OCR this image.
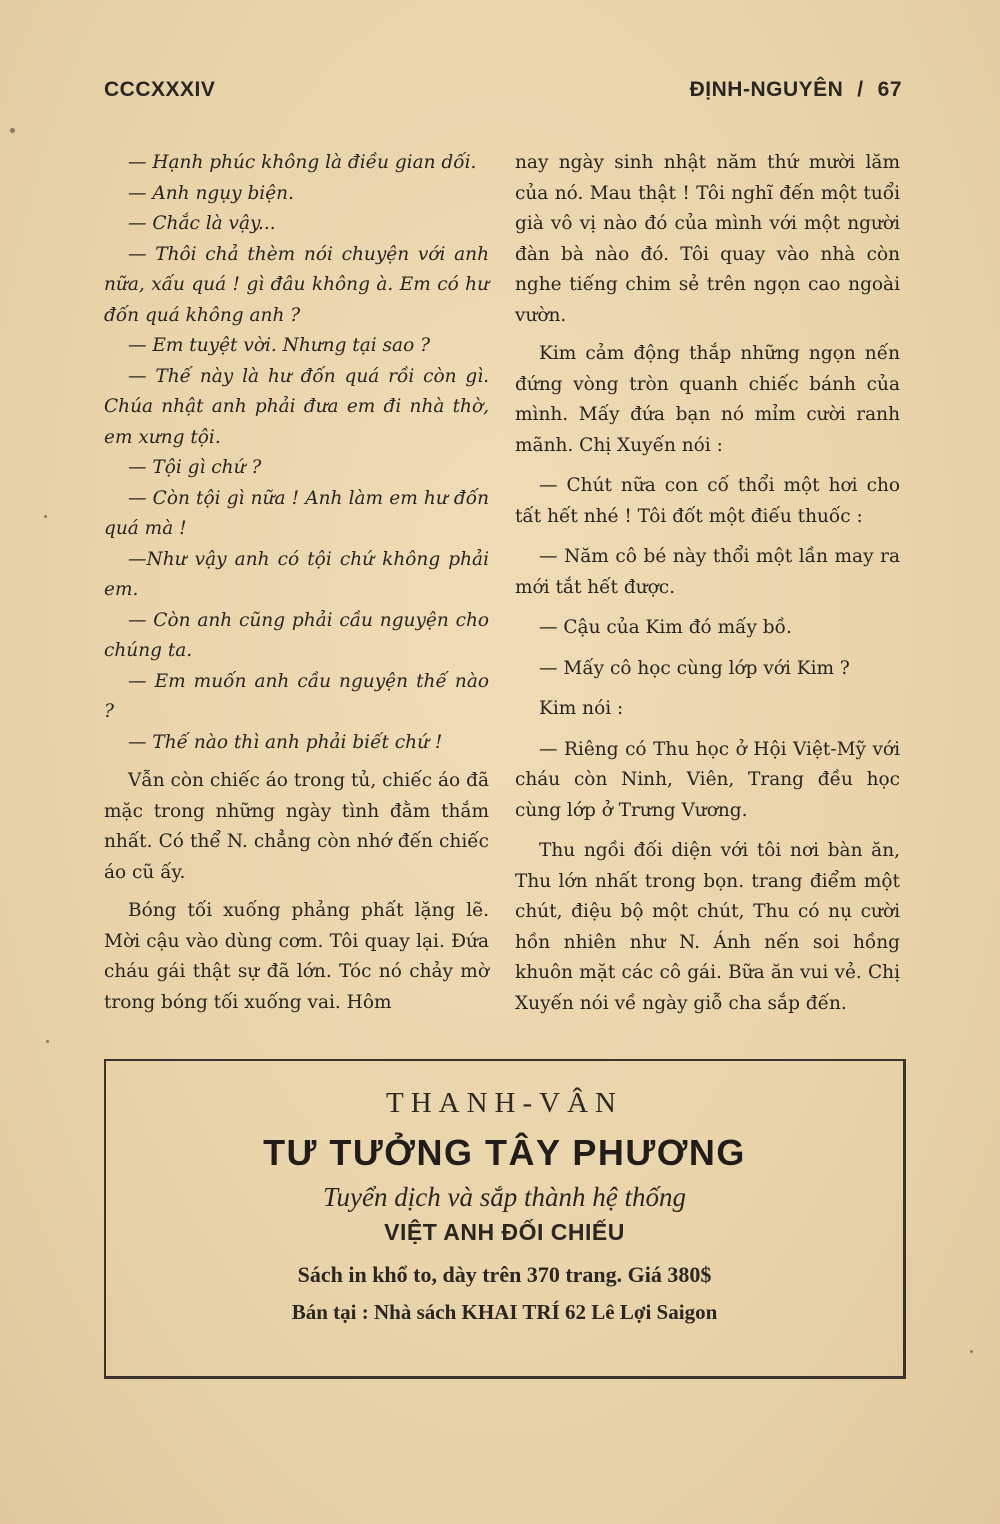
CCCXXXIV	ĐỊNH-NGUYÊN / 67

— Hạnh phúc không là điều gian dối.

— Anh ngụy biện.

— Chắc là vậy...

— Thôi chả thèm nói chuyện với anh nữa, xấu quá ! gì đâu không à. Em có hư đốn quá không anh ?

— Em tuyệt vời. Nhưng tại sao ?

— Thế này là hư đốn quá rồi còn gì. Chúa nhật anh phải đưa em đi nhà thờ, em xưng tội.

— Tội gì chứ ?

— Còn tội gì nữa ! Anh làm em hư đốn quá mà !

—Như vậy anh có tội chứ không phải em.

— Còn anh cũng phải cầu nguyện cho chúng ta.

— Em muốn anh cầu nguyện thế nào ?

— Thế nào thì anh phải biết chứ !

Vẫn còn chiếc áo trong tủ, chiếc áo đã mặc trong những ngày tình đằm thắm nhất. Có thể N. chẳng còn nhớ đến chiếc áo cũ ấy.

Bóng tối xuống phảng phất lặng lẽ. Mời cậu vào dùng cơm. Tôi quay lại. Đứa cháu gái thật sự đã lớn. Tóc nó chảy mờ trong bóng tối xuống vai. Hôm

nay ngày sinh nhật năm thứ mười lăm của nó. Mau thật ! Tôi nghĩ đến một tuổi già vô vị nào đó của mình với một người đàn bà nào đó. Tôi quay vào nhà còn nghe tiếng chim sẻ trên ngọn cao ngoài vườn.

Kim cảm động thắp những ngọn nến đứng vòng tròn quanh chiếc bánh của mình. Mấy đứa bạn nó mỉm cười ranh mãnh. Chị Xuyến nói :

— Chút nữa con cố thổi một hơi cho tất hết nhé ! Tôi đốt một điếu thuốc :

— Năm cô bé này thổi một lần may ra mới tắt hết được.

— Cậu của Kim đó mấy bồ.

— Mấy cô học cùng lớp với Kim ?

Kim nói :

— Riêng có Thu học ở Hội Việt-Mỹ với cháu còn Ninh, Viên, Trang đều học cùng lớp ở Trưng Vương.

Thu ngồi đối diện với tôi nơi bàn ăn, Thu lớn nhất trong bọn. trang điểm một chút, điệu bộ một chút, Thu có nụ cười hồn nhiên như N. Ánh nến soi hồng khuôn mặt các cô gái. Bữa ăn vui vẻ. Chị Xuyến nói về ngày giỗ cha sắp đến.

THANH-VÂN
TƯ TƯỞNG TÂY PHƯƠNG
Tuyển dịch và sắp thành hệ thống
VIỆT ANH ĐỐI CHIẾU
Sách in khổ to, dày trên 370 trang. Giá 380$
Bán tại : Nhà sách KHAI TRÍ 62 Lê Lợi Saigon
